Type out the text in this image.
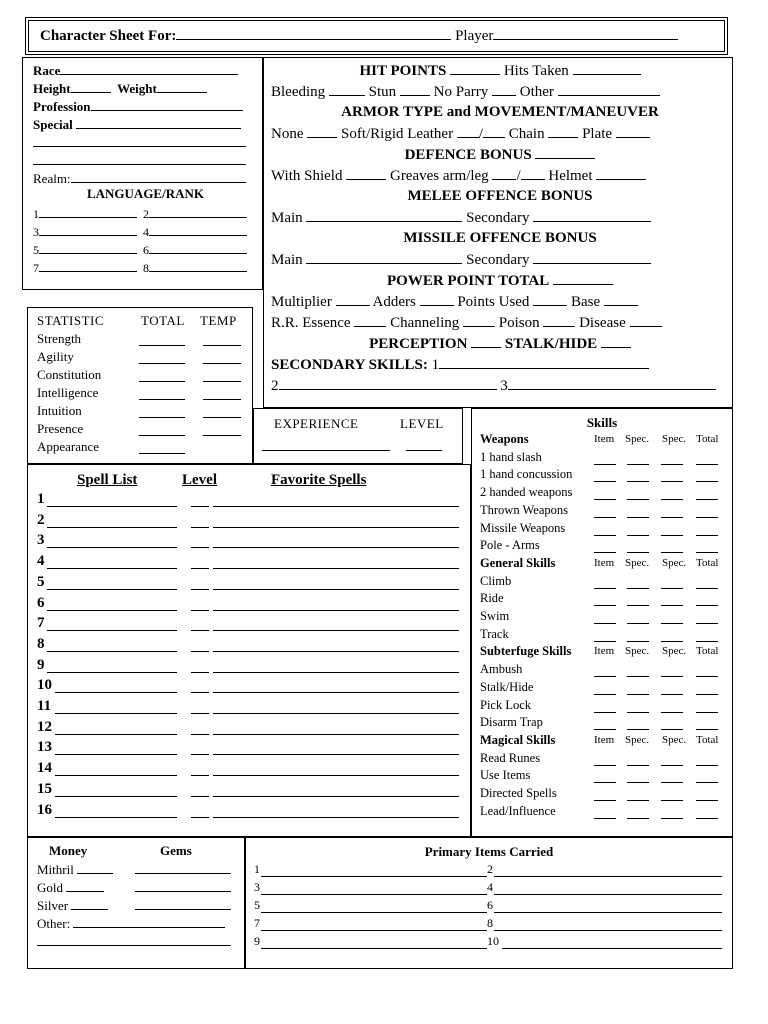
Character Sheet For:	Player
Race
Height	Weight
Profession
Special
Realm:
LANGUAGE/RANK
1	2
3	4
5	6
7	8
HIT POINTS	Hits Taken
Bleeding	Stun	No Parry Other
ARMOR TYPE and MOVEMENT/MANEUVER
None	Soft/Rigid Leather / Chain	Plate
DEFENCE BONUS
With Shield	Greaves arm/leg / Helmet
MELEE OFFENCE BONUS
Main	Secondary
MISSILE OFFENCE BONUS
Main	Secondary
POWER POINT TOTAL
Multiplier	Adders	Points Used	Base
R.R. Essence	Channeling	Poison	Disease
PERCEPTION	STALK/HIDE
SECONDARY SKILLS: 1
2	3
STATISTIC	TOTAL TEMP
Strength
Agility
Constitution
Intelligence
Intuition
Presence
Appearance
EXPERIENCE	LEVEL
Spell List	Level	Favorite Spells
1
2
3
4
5
6
7
8
9
10
11
12
13
14
15
16
Skills
Weapons	Item Spec. Spec. Total
1 hand slash
1 hand concussion
2 handed weapons
Thrown Weapons
Missile Weapons
Pole - Arms
General Skills	Item Spec. Spec. Total
Climb
Ride
Swim
Track
Subterfuge Skills Item Spec. Spec. Total
Ambush
Stalk/Hide
Pick Lock
Disarm Trap
Magical Skills	Item Spec. Spec. Total
Read Runes
Use Items
Directed Spells
Lead/Influence
Money	Gems
Mithril
Gold
Silver
Other:
Primary Items Carried
1	2
3	4
5	6
7	8
9	10
